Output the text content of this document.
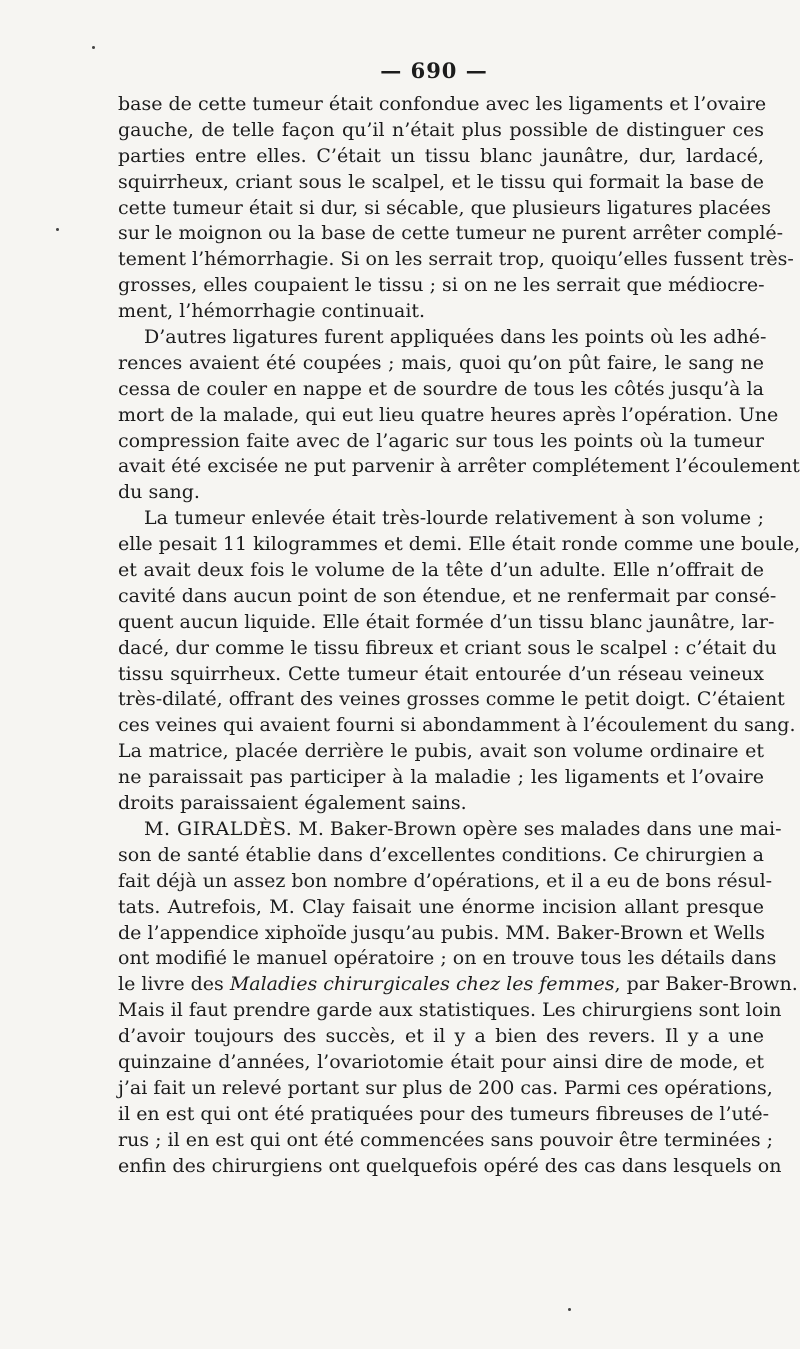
— 690 —
base de cette tumeur était confondue avec les ligaments et l’ovaire
gauche, de telle façon qu’il n’était plus possible de distinguer ces
parties entre elles. C’était un tissu blanc jaunâtre, dur, lardacé,
squirrheux, criant sous le scalpel, et le tissu qui formait la base de
cette tumeur était si dur, si sécable, que plusieurs ligatures placées
sur le moignon ou la base de cette tumeur ne purent arrêter complé-
tement l’hémorrhagie. Si on les serrait trop, quoiqu’elles fussent très-
grosses, elles coupaient le tissu ; si on ne les serrait que médiocre-
ment, l’hémorrhagie continuait.
D’autres ligatures furent appliquées dans les points où les adhé-
rences avaient été coupées ; mais, quoi qu’on pût faire, le sang ne
cessa de couler en nappe et de sourdre de tous les côtés jusqu’à la
mort de la malade, qui eut lieu quatre heures après l’opération. Une
compression faite avec de l’agaric sur tous les points où la tumeur
avait été excisée ne put parvenir à arrêter complétement l’écoulement
du sang.
La tumeur enlevée était très-lourde relativement à son volume ;
elle pesait 11 kilogrammes et demi. Elle était ronde comme une boule,
et avait deux fois le volume de la tête d’un adulte. Elle n’offrait de
cavité dans aucun point de son étendue, et ne renfermait par consé-
quent aucun liquide. Elle était formée d’un tissu blanc jaunâtre, lar-
dacé, dur comme le tissu fibreux et criant sous le scalpel : c’était du
tissu squirrheux. Cette tumeur était entourée d’un réseau veineux
très-dilaté, offrant des veines grosses comme le petit doigt. C’étaient
ces veines qui avaient fourni si abondamment à l’écoulement du sang.
La matrice, placée derrière le pubis, avait son volume ordinaire et
ne paraissait pas participer à la maladie ; les ligaments et l’ovaire
droits paraissaient également sains.
M. GIRALDÈS. M. Baker-Brown opère ses malades dans une mai-
son de santé établie dans d’excellentes conditions. Ce chirurgien a
fait déjà un assez bon nombre d’opérations, et il a eu de bons résul-
tats. Autrefois, M. Clay faisait une énorme incision allant presque
de l’appendice xiphoïde jusqu’au pubis. MM. Baker-Brown et Wells
ont modifié le manuel opératoire ; on en trouve tous les détails dans
le livre des Maladies chirurgicales chez les femmes, par Baker-Brown.
Mais il faut prendre garde aux statistiques. Les chirurgiens sont loin
d’avoir toujours des succès, et il y a bien des revers. Il y a une
quinzaine d’années, l’ovariotomie était pour ainsi dire de mode, et
j’ai fait un relevé portant sur plus de 200 cas. Parmi ces opérations,
il en est qui ont été pratiquées pour des tumeurs fibreuses de l’uté-
rus ; il en est qui ont été commencées sans pouvoir être terminées ;
enfin des chirurgiens ont quelquefois opéré des cas dans lesquels on
